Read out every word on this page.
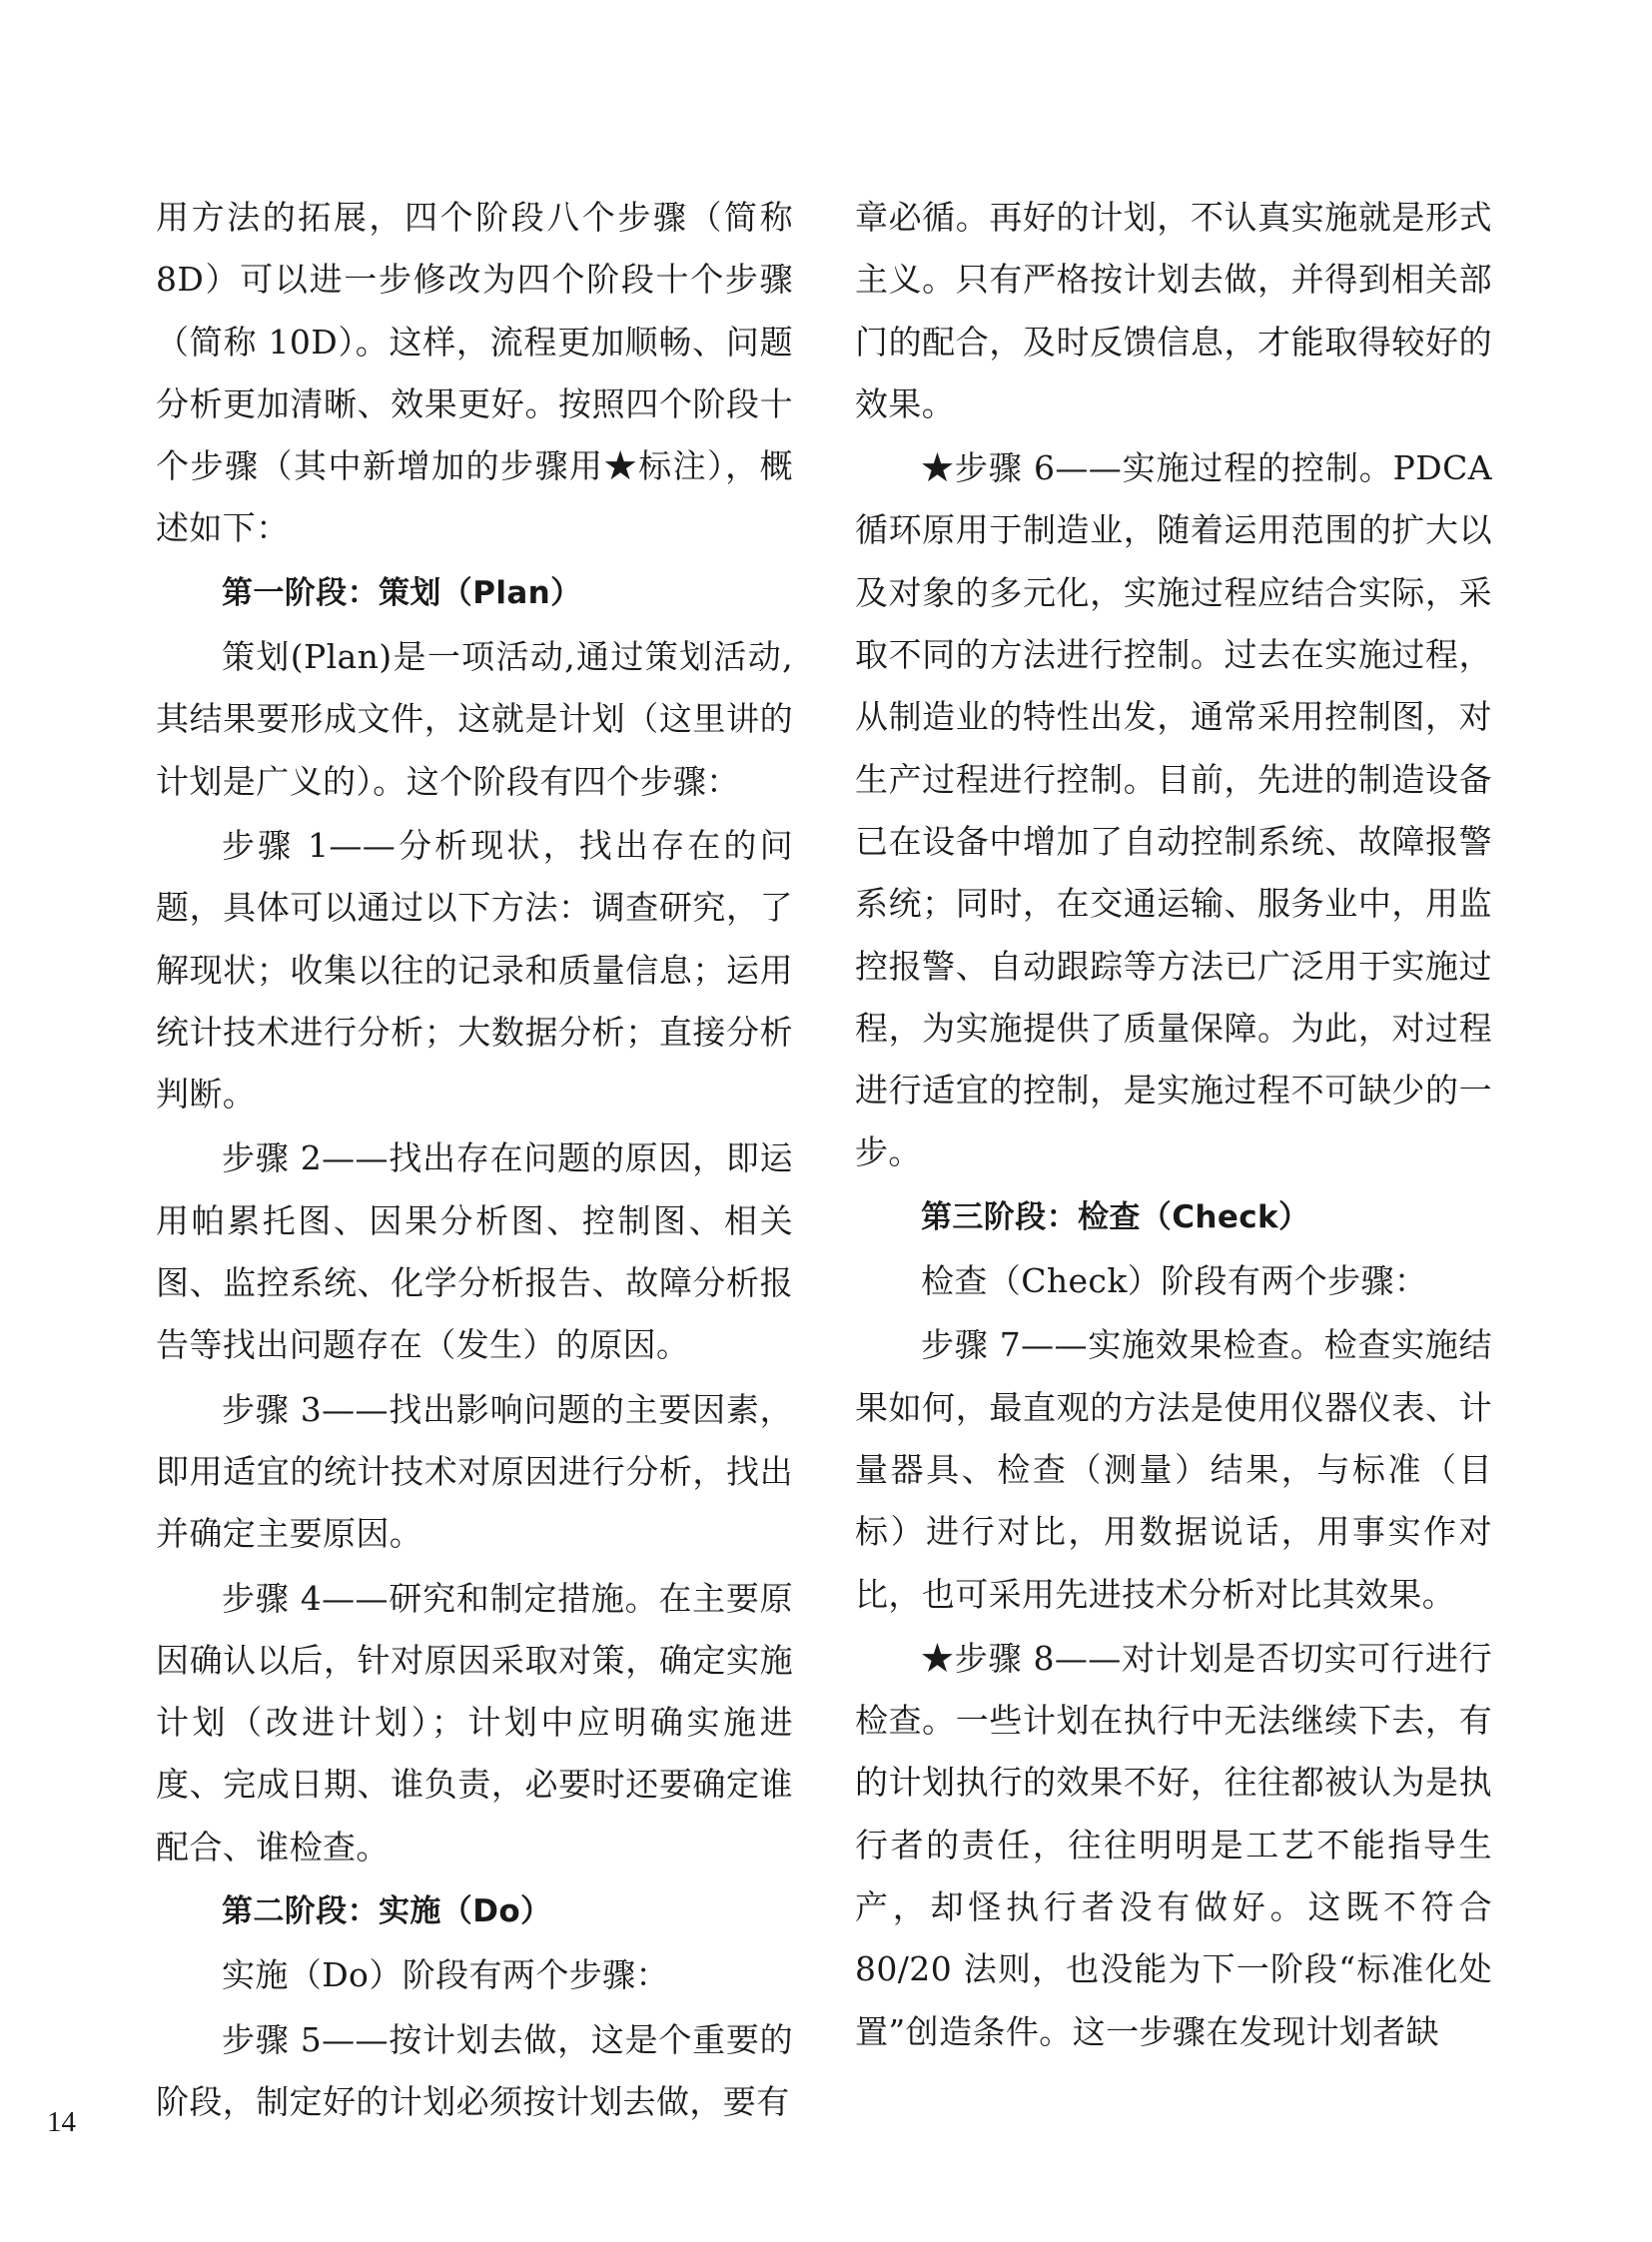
用方法的拓展，四个阶段八个步骤（简称8D）可以进一步修改为四个阶段十个步骤（简称 10D）。这样，流程更加顺畅、问题分析更加清晰、效果更好。按照四个阶段十个步骤（其中新增加的步骤用★标注），概述如下：

第一阶段：策划（Plan）

策划(Plan)是一项活动,通过策划活动,其结果要形成文件，这就是计划（这里讲的计划是广义的）。这个阶段有四个步骤：

步骤 1——分析现状，找出存在的问题，具体可以通过以下方法：调查研究，了解现状；收集以往的记录和质量信息；运用统计技术进行分析；大数据分析；直接分析判断。

步骤 2——找出存在问题的原因，即运用帕累托图、因果分析图、控制图、相关图、监控系统、化学分析报告、故障分析报告等找出问题存在（发生）的原因。

步骤 3——找出影响问题的主要因素，即用适宜的统计技术对原因进行分析，找出并确定主要原因。

步骤 4——研究和制定措施。在主要原因确认以后，针对原因采取对策，确定实施计划（改进计划）；计划中应明确实施进度、完成日期、谁负责，必要时还要确定谁配合、谁检查。

第二阶段：实施（Do）

实施（Do）阶段有两个步骤：

步骤 5——按计划去做，这是个重要的阶段，制定好的计划必须按计划去做，要有

章必循。再好的计划，不认真实施就是形式主义。只有严格按计划去做，并得到相关部门的配合，及时反馈信息，才能取得较好的效果。

★步骤 6——实施过程的控制。PDCA 循环原用于制造业，随着运用范围的扩大以及对象的多元化，实施过程应结合实际，采取不同的方法进行控制。过去在实施过程，从制造业的特性出发，通常采用控制图，对生产过程进行控制。目前，先进的制造设备已在设备中增加了自动控制系统、故障报警系统；同时，在交通运输、服务业中，用监控报警、自动跟踪等方法已广泛用于实施过程，为实施提供了质量保障。为此，对过程进行适宜的控制，是实施过程不可缺少的一步。

第三阶段：检查（Check）

检查（Check）阶段有两个步骤：

步骤 7——实施效果检查。检查实施结果如何，最直观的方法是使用仪器仪表、计量器具、检查（测量）结果，与标准（目标）进行对比，用数据说话，用事实作对比，也可采用先进技术分析对比其效果。

★步骤 8——对计划是否切实可行进行检查。一些计划在执行中无法继续下去，有的计划执行的效果不好，往往都被认为是执行者的责任，往往明明是工艺不能指导生产，却怪执行者没有做好。这既不符合 80/20 法则，也没能为下一阶段“标准化处置”创造条件。这一步骤在发现计划者缺

14
